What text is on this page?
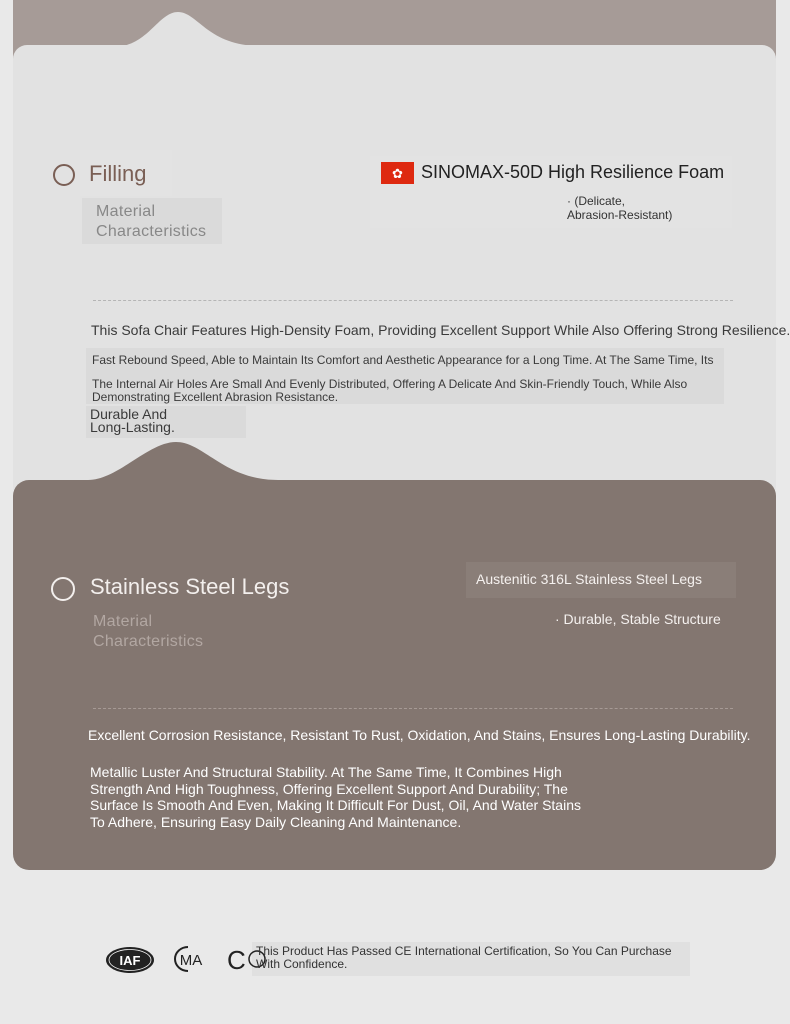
Filling
Material
Characteristics
✿ SINOMAX-50D High Resilience Foam
· (Delicate,
Abrasion-Resistant)
This Sofa Chair Features High-Density Foam, Providing Excellent Support While Also Offering Strong Resilience.
Fast Rebound Speed, Able to Maintain Its Comfort and Aesthetic Appearance for a Long Time. At The Same Time, Its
The Internal Air Holes Are Small And Evenly Distributed, Offering A Delicate And Skin-Friendly Touch, While Also
Demonstrating Excellent Abrasion Resistance.
Durable And
Long-Lasting.
Stainless Steel Legs
Material
Characteristics
Austenitic 316L Stainless Steel Legs
· Durable, Stable Structure
Excellent Corrosion Resistance, Resistant To Rust, Oxidation, And Stains, Ensures Long-Lasting Durability.
Metallic Luster And Structural Stability. At The Same Time, It Combines High
Strength And High Toughness, Offering Excellent Support And Durability; The
Surface Is Smooth And Even, Making It Difficult For Dust, Oil, And Water Stains
To Adhere, Ensuring Easy Daily Cleaning And Maintenance.
IAF	MA C This Product Has Passed CE International Certification, So You Can Purchase
With Confidence.
